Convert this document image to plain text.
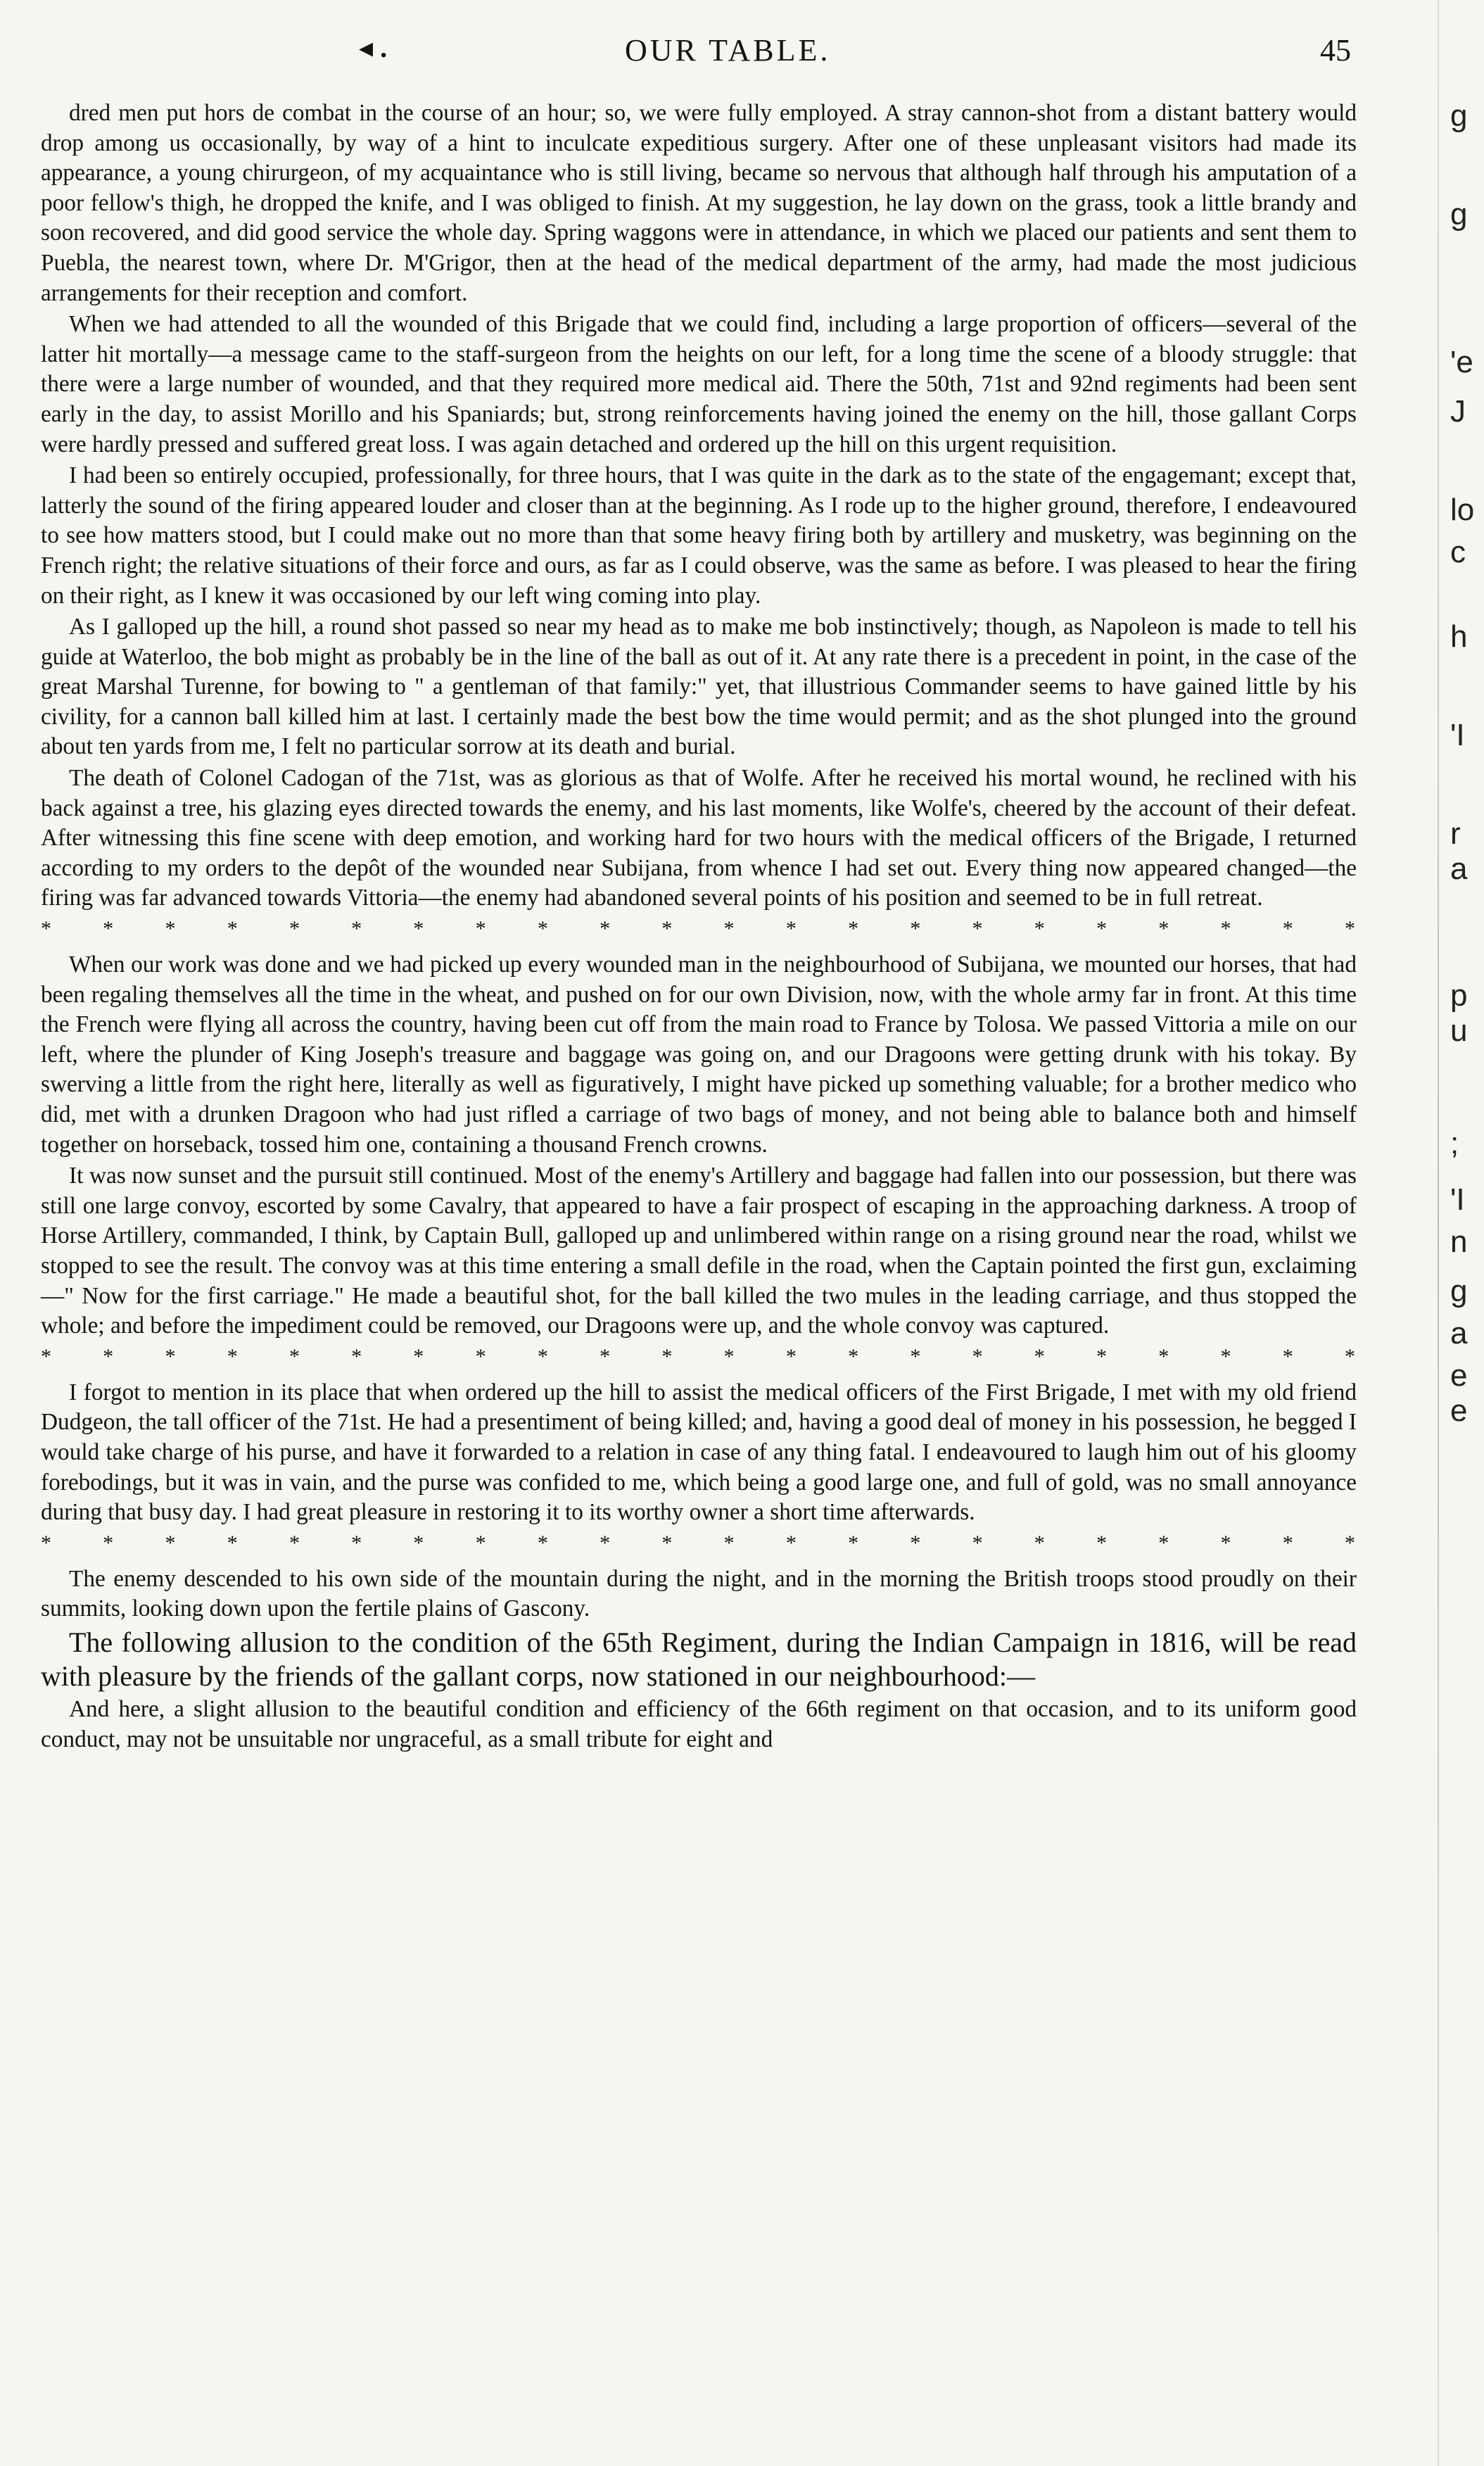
◂ .	OUR TABLE.	45

dred men put hors de combat in the course of an hour; so, we were fully employed. A stray cannon-shot from a distant battery would drop among us occasionally, by way of a hint to inculcate expeditious surgery. After one of these unpleasant visitors had made its appearance, a young chirurgeon, of my acquaintance who is still living, became so nervous that although half through his amputation of a poor fellow's thigh, he dropped the knife, and I was obliged to finish. At my suggestion, he lay down on the grass, took a little brandy and soon recovered, and did good service the whole day. Spring waggons were in attendance, in which we placed our patients and sent them to Puebla, the nearest town, where Dr. M'Grigor, then at the head of the medical department of the army, had made the most judicious arrangements for their reception and comfort.

When we had attended to all the wounded of this Brigade that we could find, including a large proportion of officers—several of the latter hit mortally—a message came to the staff-surgeon from the heights on our left, for a long time the scene of a bloody struggle: that there were a large number of wounded, and that they required more medical aid. There the 50th, 71st and 92nd regiments had been sent early in the day, to assist Morillo and his Spaniards; but, strong reinforcements having joined the enemy on the hill, those gallant Corps were hardly pressed and suffered great loss. I was again detached and ordered up the hill on this urgent requisition.

I had been so entirely occupied, professionally, for three hours, that I was quite in the dark as to the state of the engagemant; except that, latterly the sound of the firing appeared louder and closer than at the beginning. As I rode up to the higher ground, therefore, I endeavoured to see how matters stood, but I could make out no more than that some heavy firing both by artillery and musketry, was beginning on the French right; the relative situations of their force and ours, as far as I could observe, was the same as before. I was pleased to hear the firing on their right, as I knew it was occasioned by our left wing coming into play.

As I galloped up the hill, a round shot passed so near my head as to make me bob instinctively; though, as Napoleon is made to tell his guide at Waterloo, the bob might as probably be in the line of the ball as out of it. At any rate there is a precedent in point, in the case of the great Marshal Turenne, for bowing to " a gentleman of that family:" yet, that illustrious Commander seems to have gained little by his civility, for a cannon ball killed him at last. I certainly made the best bow the time would permit; and as the shot plunged into the ground about ten yards from me, I felt no particular sorrow at its death and burial.

The death of Colonel Cadogan of the 71st, was as glorious as that of Wolfe. After he received his mortal wound, he reclined with his back against a tree, his glazing eyes directed towards the enemy, and his last moments, like Wolfe's, cheered by the account of their defeat. After witnessing this fine scene with deep emotion, and working hard for two hours with the medical officers of the Brigade, I returned according to my orders to the depôt of the wounded near Subijana, from whence I had set out. Every thing now appeared changed—the firing was far advanced towards Vittoria—the enemy had abandoned several points of his position and seemed to be in full retreat.

* * * * * * * * * * * * * * * * * * * * * *

When our work was done and we had picked up every wounded man in the neighbourhood of Subijana, we mounted our horses, that had been regaling themselves all the time in the wheat, and pushed on for our own Division, now, with the whole army far in front. At this time the French were flying all across the country, having been cut off from the main road to France by Tolosa. We passed Vittoria a mile on our left, where the plunder of King Joseph's treasure and baggage was going on, and our Dragoons were getting drunk with his tokay. By swerving a little from the right here, literally as well as figuratively, I might have picked up something valuable; for a brother medico who did, met with a drunken Dragoon who had just rifled a carriage of two bags of money, and not being able to balance both and himself together on horseback, tossed him one, containing a thousand French crowns.

It was now sunset and the pursuit still continued. Most of the enemy's Artillery and baggage had fallen into our possession, but there was still one large convoy, escorted by some Cavalry, that appeared to have a fair prospect of escaping in the approaching darkness. A troop of Horse Artillery, commanded, I think, by Captain Bull, galloped up and unlimbered within range on a rising ground near the road, whilst we stopped to see the result. The convoy was at this time entering a small defile in the road, when the Captain pointed the first gun, exclaiming—" Now for the first carriage." He made a beautiful shot, for the ball killed the two mules in the leading carriage, and thus stopped the whole; and before the impediment could be removed, our Dragoons were up, and the whole convoy was captured.

* * * * * * * * * * * * * * * * * * * * * *

I forgot to mention in its place that when ordered up the hill to assist the medical officers of the First Brigade, I met with my old friend Dudgeon, the tall officer of the 71st. He had a presentiment of being killed; and, having a good deal of money in his possession, he begged I would take charge of his purse, and have it forwarded to a relation in case of any thing fatal. I endeavoured to laugh him out of his gloomy forebodings, but it was in vain, and the purse was confided to me, which being a good large one, and full of gold, was no small annoyance during that busy day. I had great pleasure in restoring it to its worthy owner a short time afterwards.

* * * * * * * * * * * * * * * * * * * * * *

The enemy descended to his own side of the mountain during the night, and in the morning the British troops stood proudly on their summits, looking down upon the fertile plains of Gascony.

The following allusion to the condition of the 65th Regiment, during the Indian Campaign in 1816, will be read with pleasure by the friends of the gallant corps, now stationed in our neighbourhood:—

And here, a slight allusion to the beautiful condition and efficiency of the 66th regiment on that occasion, and to its uniform good conduct, may not be unsuitable nor ungraceful, as a small tribute for eight and

g
g
'e
J
lo
c
h
'I
r
a
p
u
;
'I
n
g
a
e
e
